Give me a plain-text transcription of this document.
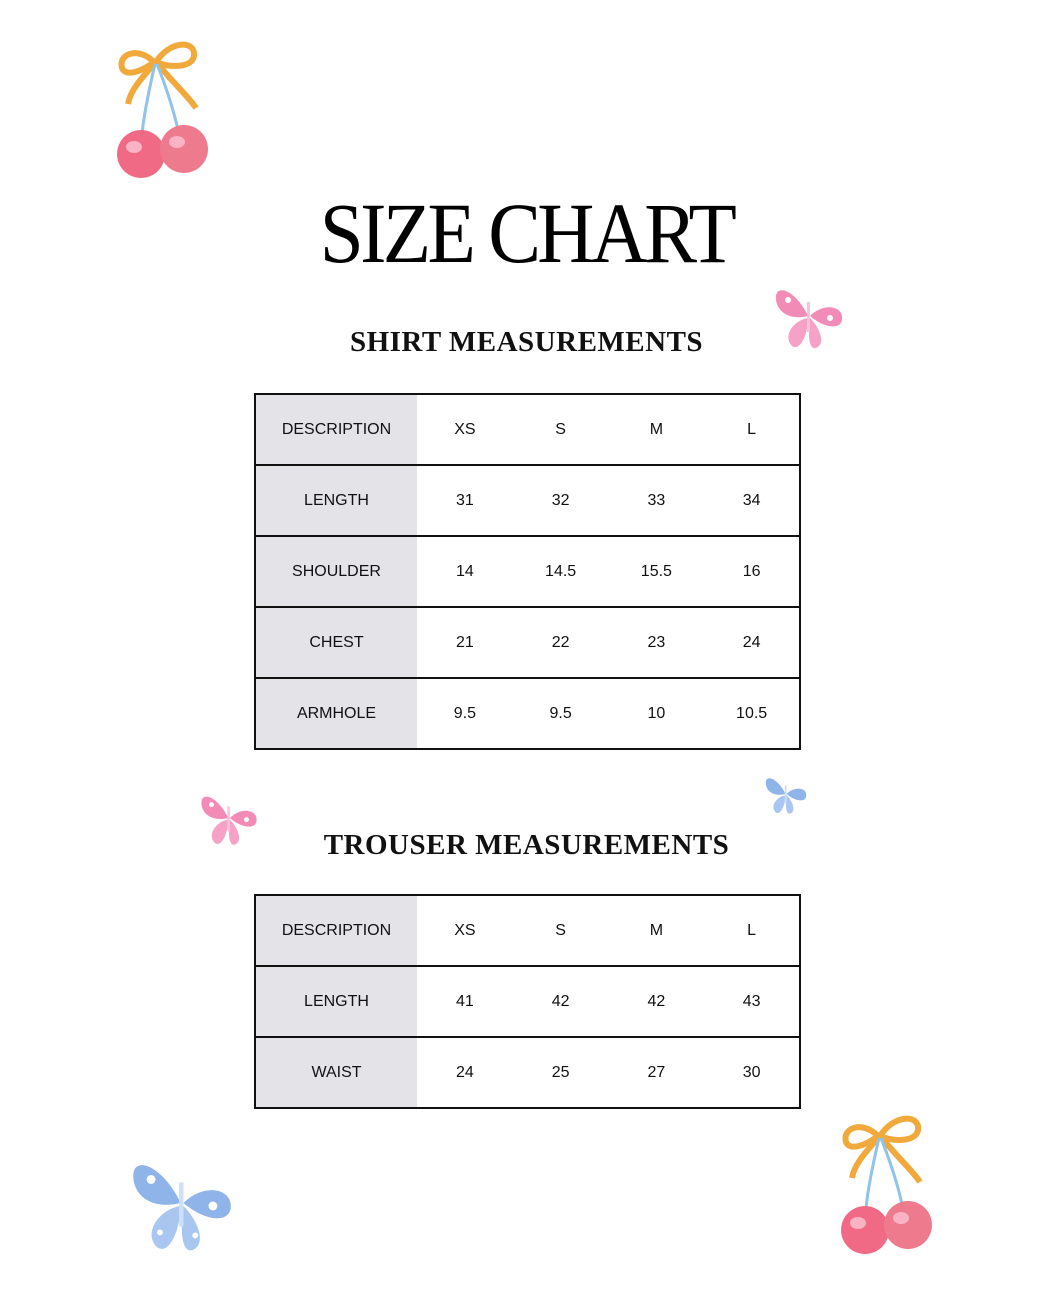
SIZE CHART
SHIRT MEASUREMENTS
DESCRIPTION	XS	S	M	L
LENGTH	31	32	33	34
SHOULDER	14	14.5	15.5	16
CHEST	21	22	23	24
ARMHOLE	9.5	9.5	10	10.5
TROUSER MEASUREMENTS
DESCRIPTION	XS	S	M	L
LENGTH	41	42	42	43
WAIST	24	25	27	30
